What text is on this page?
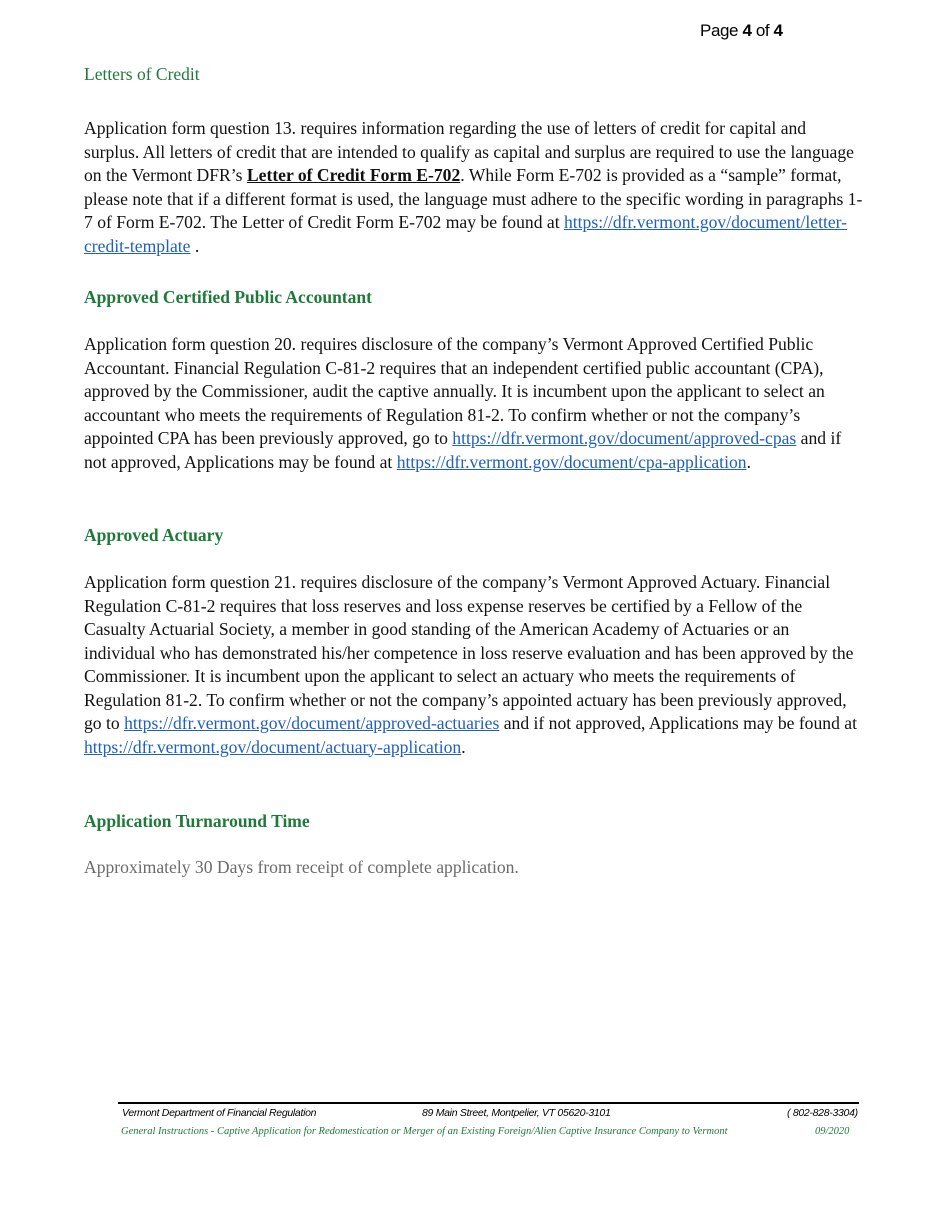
Page 4 of 4
Letters of Credit

Application form question 13. requires information regarding the use of letters of credit for capital and surplus. All letters of credit that are intended to qualify as capital and surplus are required to use the language on the Vermont DFR’s Letter of Credit Form E-702. While Form E-702 is provided as a “sample” format, please note that if a different format is used, the language must adhere to the specific wording in paragraphs 1-7 of Form E-702. The Letter of Credit Form E-702 may be found at https://dfr.vermont.gov/document/letter-credit-template .

Approved Certified Public Accountant

Application form question 20. requires disclosure of the company’s Vermont Approved Certified Public Accountant. Financial Regulation C-81-2 requires that an independent certified public accountant (CPA), approved by the Commissioner, audit the captive annually. It is incumbent upon the applicant to select an accountant who meets the requirements of Regulation 81-2. To confirm whether or not the company’s appointed CPA has been previously approved, go to https://dfr.vermont.gov/document/approved-cpas and if not approved, Applications may be found at https://dfr.vermont.gov/document/cpa-application.

Approved Actuary

Application form question 21. requires disclosure of the company’s Vermont Approved Actuary. Financial Regulation C-81-2 requires that loss reserves and loss expense reserves be certified by a Fellow of the Casualty Actuarial Society, a member in good standing of the American Academy of Actuaries or an individual who has demonstrated his/her competence in loss reserve evaluation and has been approved by the Commissioner. It is incumbent upon the applicant to select an actuary who meets the requirements of Regulation 81-2. To confirm whether or not the company’s appointed actuary has been previously approved, go to https://dfr.vermont.gov/document/approved-actuaries and if not approved, Applications may be found at https://dfr.vermont.gov/document/actuary-application.

Application Turnaround Time

Approximately 30 Days from receipt of complete application.

Vermont Department of Financial Regulation	89 Main Street, Montpelier, VT 05620-3101	( 802-828-3304)
General Instructions - Captive Application for Redomestication or Merger of an Existing Foreign/Alien Captive Insurance Company to Vermont	09/2020
